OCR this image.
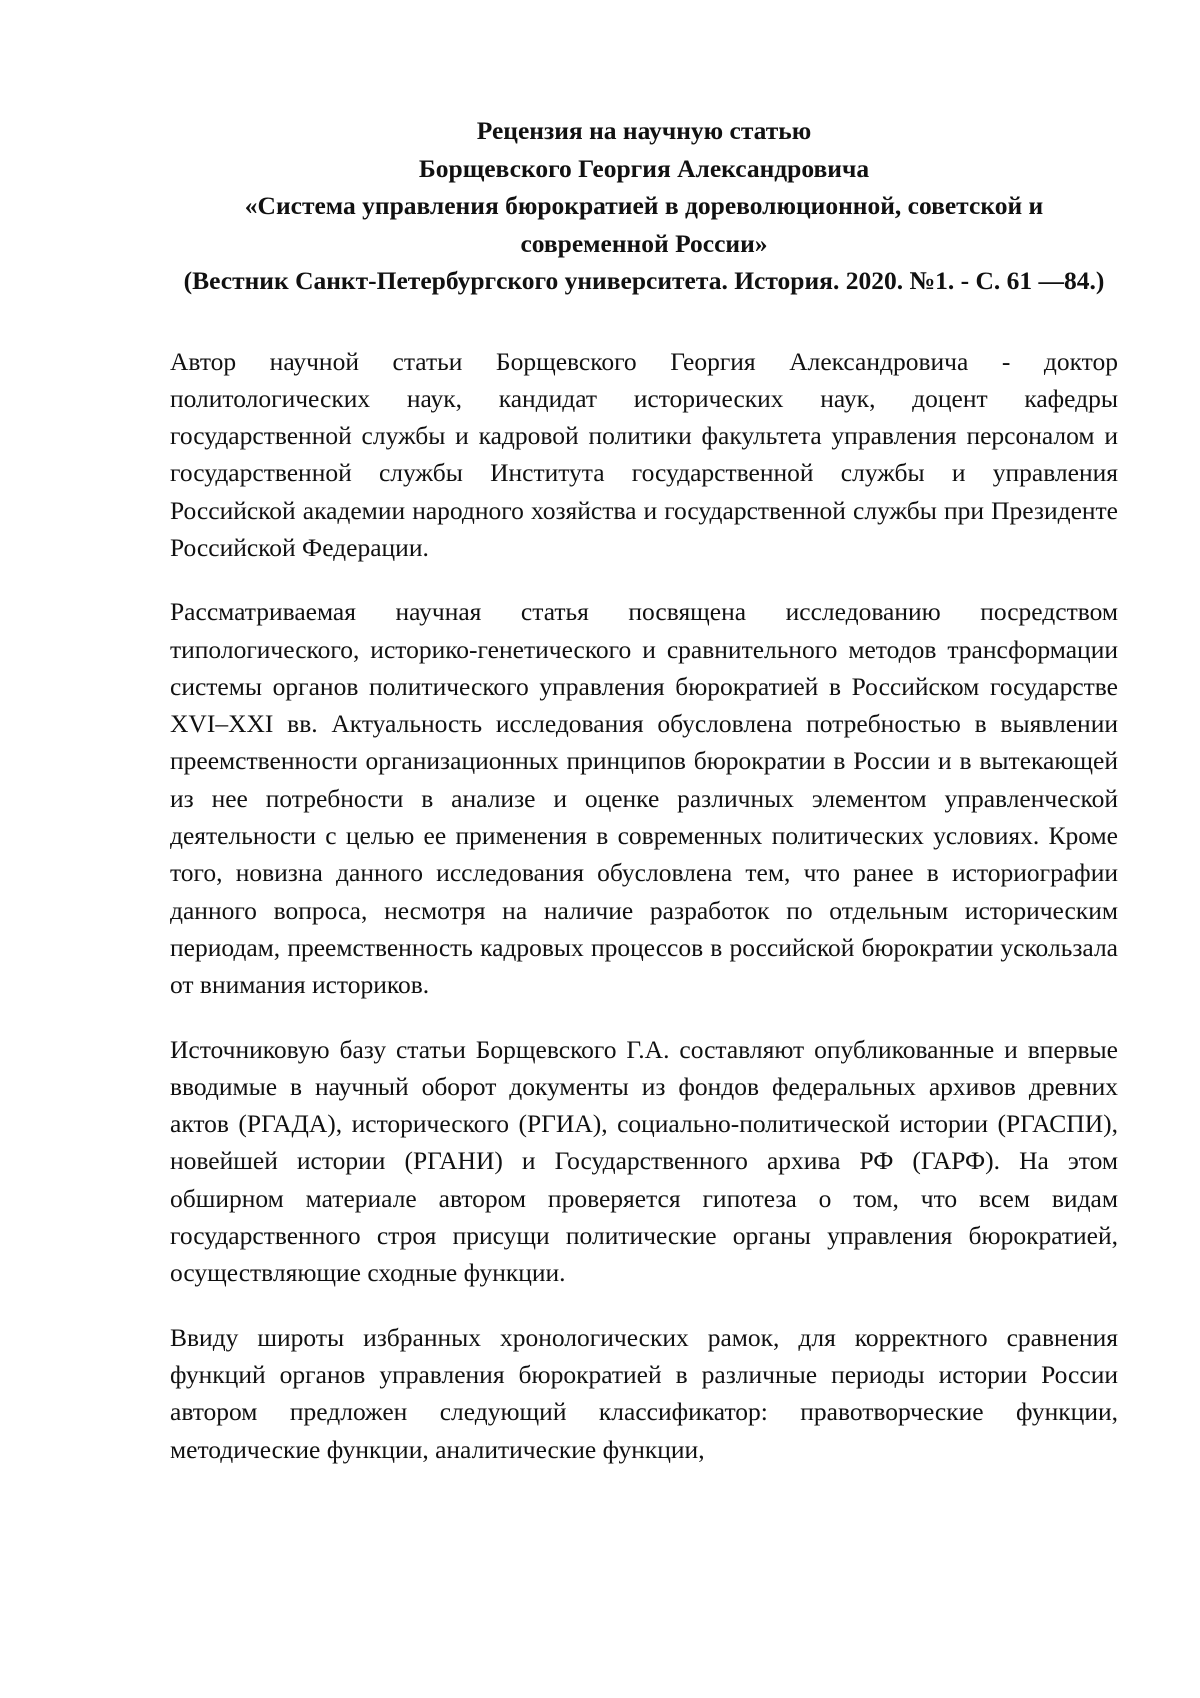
Рецензия на научную статью
Борщевского Георгия Александровича
«Система управления бюрократией в дореволюционной, советской и современной России»
(Вестник Санкт-Петербургского университета. История. 2020. №1. - С. 61 —84.)

Автор научной статьи Борщевского Георгия Александровича - доктор политологических наук, кандидат исторических наук, доцент кафедры государственной службы и кадровой политики факультета управления персоналом и государственной службы Института государственной службы и управления Российской академии народного хозяйства и государственной службы при Президенте Российской Федерации.

Рассматриваемая научная статья посвящена исследованию посредством типологического, историко-генетического и сравнительного методов трансформации системы органов политического управления бюрократией в Российском государстве XVI–XXI вв. Актуальность исследования обусловлена потребностью в выявлении преемственности организационных принципов бюрократии в России и в вытекающей из нее потребности в анализе и оценке различных элементом управленческой деятельности с целью ее применения в современных политических условиях. Кроме того, новизна данного исследования обусловлена тем, что ранее в историографии данного вопроса, несмотря на наличие разработок по отдельным историческим периодам, преемственность кадровых процессов в российской бюрократии ускользала от внимания историков.

Источниковую базу статьи Борщевского Г.А. составляют опубликованные и впервые вводимые в научный оборот документы из фондов федеральных архивов древних актов (РГАДА), исторического (РГИА), социально-политической истории (РГАСПИ), новейшей истории (РГАНИ) и Государственного архива РФ (ГАРФ). На этом обширном материале автором проверяется гипотеза о том, что всем видам государственного строя присущи политические органы управления бюрократией, осуществляющие сходные функции.

Ввиду широты избранных хронологических рамок, для корректного сравнения функций органов управления бюрократией в различные периоды истории России автором предложен следующий классификатор: правотворческие функции, методические функции, аналитические функции,
